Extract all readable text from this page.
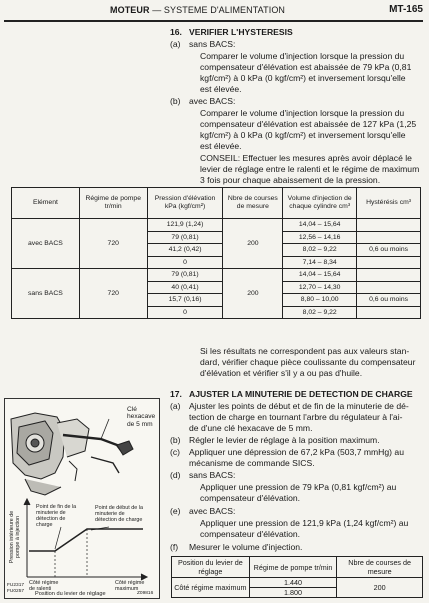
MOTEUR — SYSTEME D'ALIMENTATION	MT-165
16. VERIFIER L'HYSTERESIS
(a) sans BACS:
Comparer le volume d'injection lorsque la pression du
compensateur d'élévation est abaissée de 79 kPa (0,81
kgf/cm²) à 0 kPa (0 kgf/cm²) et inversement lorsqu'elle
est élevée.
(b) avec BACS:
Comparer le volume d'injection lorsque la pression du
compensateur d'élévation est abaissée de 127 kPa (1,25
kgf/cm²) à 0 kPa (0 kgf/cm²) et inversement lorsqu'elle
est élevée.
CONSEIL: Effectuer les mesures après avoir déplacé le
levier de réglage entre le ralenti et le régime de maximum
3 fois pour chaque abaissement de la pression.
Elément	Régime de pompe tr/min	Pression d'élévation kPa (kgf/cm²)	Nbre de courses de mesure	Volume d'injection de chaque cylindre cm³	Hystérésis cm³
avec BACS	720	121,9 (1,24)	200	14,04 – 15,64	
		79 (0,81)		12,56 – 14,16	
		41,2 (0,42)		8,02 – 9,22	0,6 ou moins
		0		7,14 – 8,34	
sans BACS	720	79 (0,81)	200	14,04 – 15,64	
		40 (0,41)		12,70 – 14,30	
		15,7 (0,16)		8,80 – 10,00	0,6 ou moins
		0		8,02 – 9,22	
Si les résultats ne correspondent pas aux valeurs stan-
dard, vérifier chaque pièce coulissante du compensateur
d'élévation et vérifier s'il y a ou pas d'huile.
17. AJUSTER LA MINUTERIE DE DETECTION DE CHARGE
(a) Ajuster les points de début et de fin de la minuterie de dé-
tection de charge en tournant l'arbre du régulateur à l'ai-
de d'une clé hexacave de 5 mm.
(b) Régler le levier de réglage à la position maximum.
(c) Appliquer une dépression de 67,2 kPa (503,7 mmHg) au
mécanisme de commande SICS.
(d) sans BACS:
Appliquer une pression de 79 kPa (0,81 kgf/cm²) au
compensateur d'élévation.
(e) avec BACS:
Appliquer une pression de 121,9 kPa (1,24 kgf/cm²) au
compensateur d'élévation.
(f) Mesurer le volume d'injection.
Position du levier de réglage	Régime de pompe tr/min	Nbre de courses de mesure
Côté régime maximum	1.440	200
	1.800	
Clé hexacave de 5 mm
Pression intérieure de pompe à injection
Point de fin de la minuterie de détection de charge
Point de début de la minuterie de détection de charge
Côté régime de ralenti
Côté régime maximum
Position du levier de réglage
FU2317
FU0257	Z09816
